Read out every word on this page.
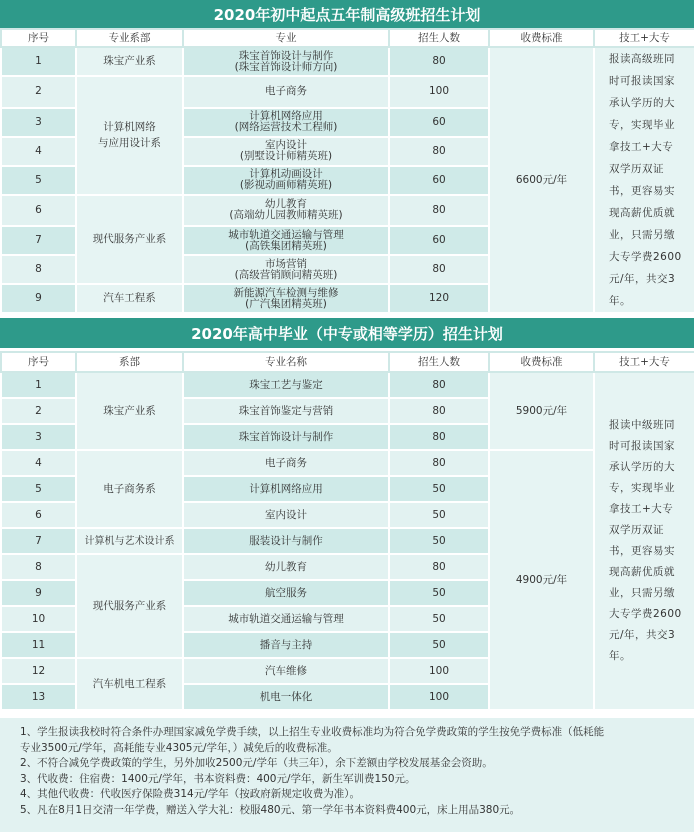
2020年初中起点五年制高级班招生计划
序号	专业系部	专业	招生人数	收费标准	技工+大专
1	珠宝产业系	珠宝首饰设计与制作
(珠宝首饰设计师方向)	80	6600元/年	报读高级班同时可报读国家承认学历的大专，实现毕业拿技工+大专双学历双证书，更容易实现高薪优质就业，只需另缴大专学费2600元/年，共交3年。
2	计算机网络
与应用设计系	电子商务	100		
3		计算机网络应用
(网络运营技术工程师)	60		
4		室内设计
(别墅设计师精英班)	80		
5		计算机动画设计
(影视动画师精英班)	60		
6	现代服务产业系	幼儿教育
(高端幼儿园教师精英班)	80		
7		城市轨道交通运输与管理
(高铁集团精英班)	60		
8		市场营销
(高级营销顾问精英班)	80		
9	汽车工程系	新能源汽车检测与维修
(广汽集团精英班)	120		
2020年高中毕业（中专或相等学历）招生计划
序号	系部	专业名称	招生人数	收费标准	技工+大专
1	珠宝产业系	珠宝工艺与鉴定	80	5900元/年	报读中级班同时可报读国家承认学历的大专，实现毕业拿技工+大专双学历双证书，更容易实现高薪优质就业，只需另缴大专学费2600元/年，共交3年。
2		珠宝首饰鉴定与营销	80		
3		珠宝首饰设计与制作	80		
4	电子商务系	电子商务	80	4900元/年	
5		计算机网络应用	50		
6		室内设计	50		
7	计算机与艺术设计系	服装设计与制作	50		
8	现代服务产业系	幼儿教育	80		
9		航空服务	50		
10		城市轨道交通运输与管理	50		
11		播音与主持	50		
12	汽车机电工程系	汽车维修	100		
13		机电一体化	100		

1、学生报读我校时符合条件办理国家减免学费手续，以上招生专业收费标准均为符合免学费政策的学生按免学费标准（低耗能

专业3500元/学年，高耗能专业4305元/学年，）减免后的收费标准。

2、不符合减免学费政策的学生，另外加收2500元/学年（共三年），余下差额由学校发展基金会资助。

3、代收费：住宿费：1400元/学年，书本资料费：400元/学年，新生军训费150元。

4、其他代收费：代收医疗保险费314元/学年（按政府新规定收费为准）。

5、凡在8月1日交清一年学费，赠送入学大礼：校服480元、第一学年书本资料费400元，床上用品380元。
